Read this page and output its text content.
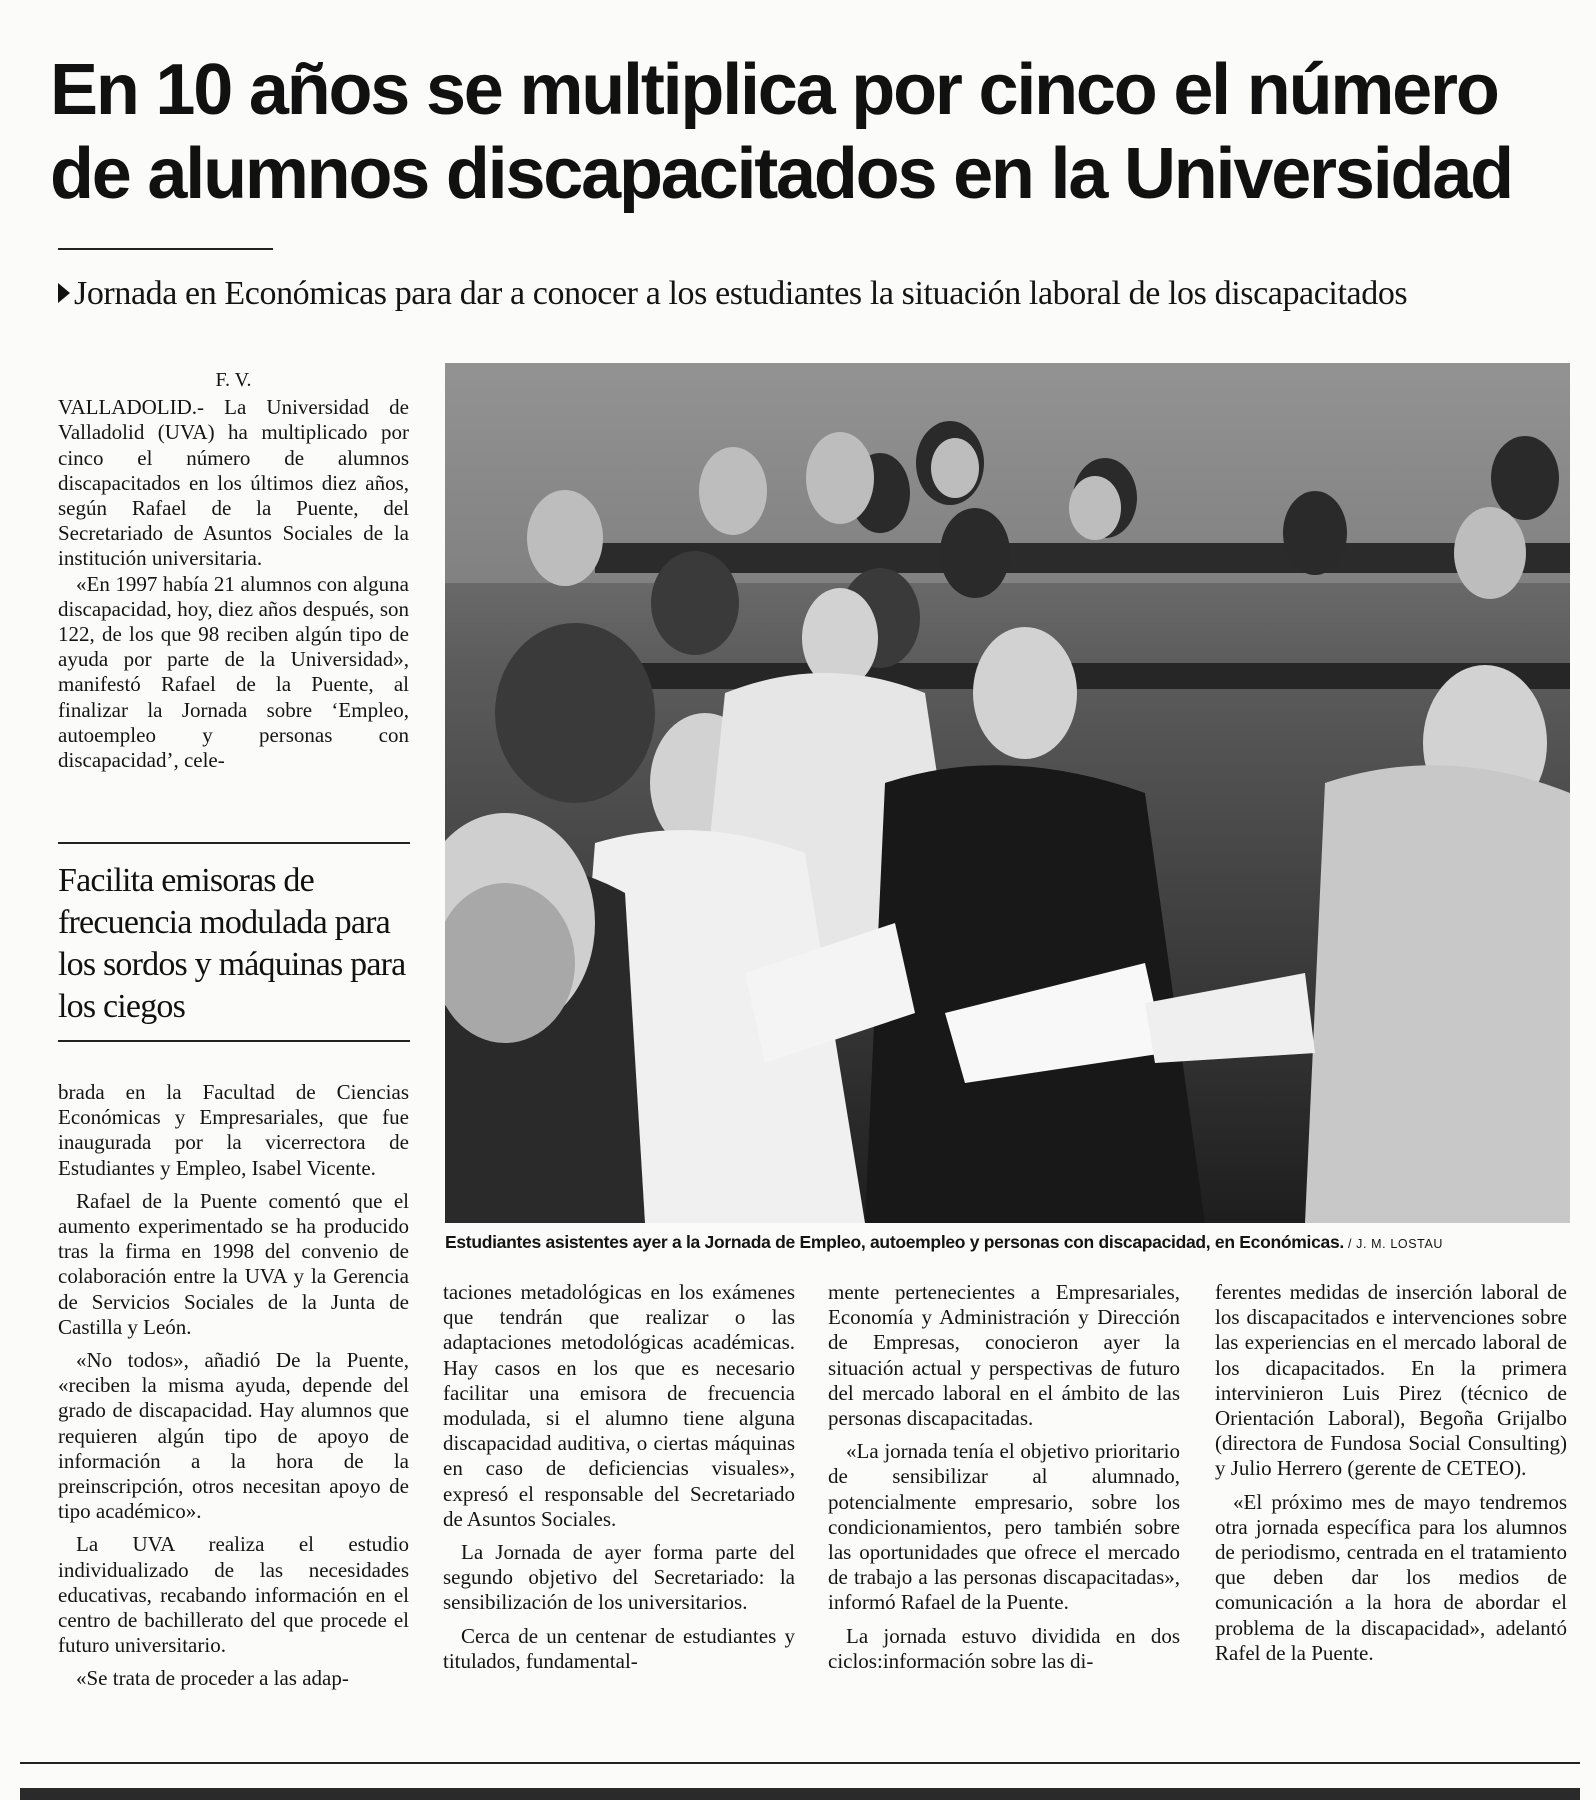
En 10 años se multiplica por cinco el número
de alumnos discapacitados en la Universidad
Jornada en Económicas para dar a conocer a los estudiantes la situación laboral de los discapacitados
F. V.

VALLADOLID.- La Universidad de Valladolid (UVA) ha multiplicado por cinco el número de alumnos discapacitados en los últimos diez años, según Rafael de la Puente, del Secretariado de Asuntos Sociales de la institución universitaria.

«En 1997 había 21 alumnos con alguna discapacidad, hoy, diez años después, son 122, de los que 98 reciben algún tipo de ayuda por parte de la Universidad», manifestó Rafael de la Puente, al finalizar la Jornada sobre ‘Empleo, autoempleo y personas con discapacidad’, cele-

Facilita emisoras de frecuencia modulada para los sordos y máquinas para los ciegos

brada en la Facultad de Ciencias Económicas y Empresariales, que fue inaugurada por la vicerrectora de Estudiantes y Empleo, Isabel Vicente.

Rafael de la Puente comentó que el aumento experimentado se ha producido tras la firma en 1998 del convenio de colaboración entre la UVA y la Gerencia de Servicios Sociales de la Junta de Castilla y León.

«No todos», añadió De la Puente, «reciben la misma ayuda, depende del grado de discapacidad. Hay alumnos que requieren algún tipo de apoyo de información a la hora de la preinscripción, otros necesitan apoyo de tipo académico».

La UVA realiza el estudio individualizado de las necesidades educativas, recabando información en el centro de bachillerato del que procede el futuro universitario.

«Se trata de proceder a las adap-

Estudiantes asistentes ayer a la Jornada de Empleo, autoempleo y personas con discapacidad, en Económicas. / J. M. LOSTAU

taciones metadológicas en los exámenes que tendrán que realizar o las adaptaciones metodológicas académicas. Hay casos en los que es necesario facilitar una emisora de frecuencia modulada, si el alumno tiene alguna discapacidad auditiva, o ciertas máquinas en caso de deficiencias visuales», expresó el responsable del Secretariado de Asuntos Sociales.

La Jornada de ayer forma parte del segundo objetivo del Secretariado: la sensibilización de los universitarios.

Cerca de un centenar de estudiantes y titulados, fundamental-

mente pertenecientes a Empresariales, Economía y Administración y Dirección de Empresas, conocieron ayer la situación actual y perspectivas de futuro del mercado laboral en el ámbito de las personas discapacitadas.

«La jornada tenía el objetivo prioritario de sensibilizar al alumnado, potencialmente empresario, sobre los condicionamientos, pero también sobre las oportunidades que ofrece el mercado de trabajo a las personas discapacitadas», informó Rafael de la Puente.

La jornada estuvo dividida en dos ciclos:información sobre las di-

ferentes medidas de inserción laboral de los discapacitados e intervenciones sobre las experiencias en el mercado laboral de los dicapacitados. En la primera intervinieron Luis Pirez (técnico de Orientación Laboral), Begoña Grijalbo (directora de Fundosa Social Consulting) y Julio Herrero (gerente de CETEO).

«El próximo mes de mayo tendremos otra jornada específica para los alumnos de periodismo, centrada en el tratamiento que deben dar los medios de comunicación a la hora de abordar el problema de la discapacidad», adelantó Rafel de la Puente.
